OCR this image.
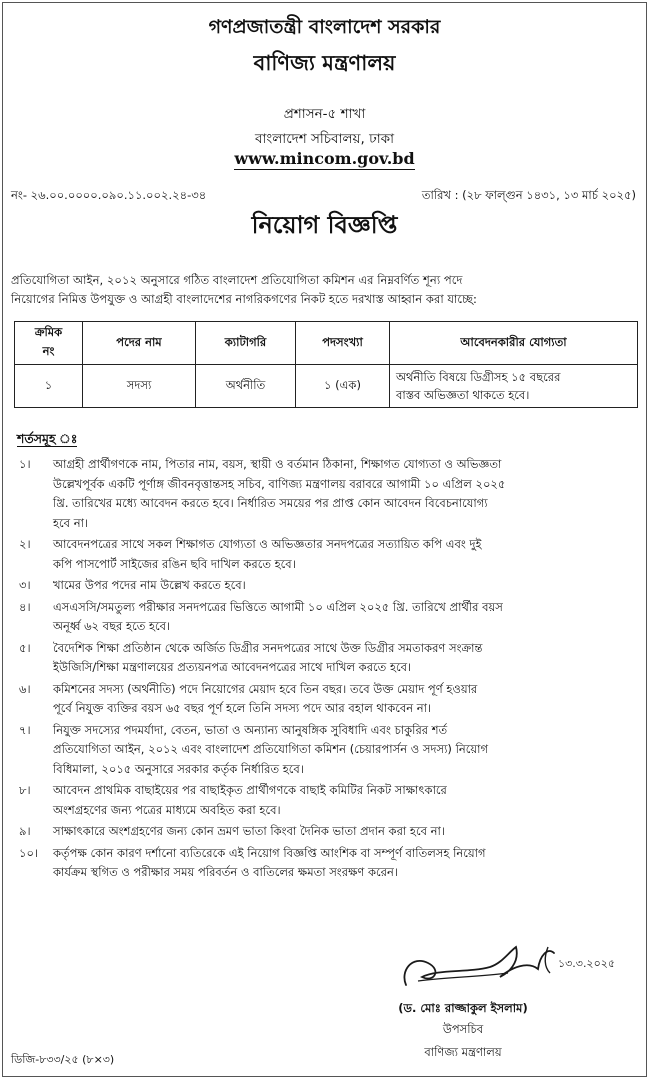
গণপ্রজাতন্ত্রী বাংলাদেশ সরকার
বাণিজ্য মন্ত্রণালয়
প্রশাসন-৫ শাখা
বাংলাদেশ সচিবালয়, ঢাকা
www.mincom.gov.bd
নং- ২৬.০০.০০০০.০৯০.১১.০০২.২৪-৩৪	তারিখ : (২৮ ফাল্গুন ১৪৩১, ১৩ মার্চ ২০২৫)
নিয়োগ বিজ্ঞপ্তি
প্রতিযোগিতা আইন, ২০১২ অনুসারে গঠিত বাংলাদেশ প্রতিযোগিতা কমিশন এর নিম্নবর্ণিত শূন্য পদে
নিয়োগের নিমিত্ত উপযুক্ত ও আগ্রহী বাংলাদেশের নাগরিকগণের নিকট হতে দরখাস্ত আহ্বান করা যাচ্ছে:
ক্রমিক
নং	পদের নাম	ক্যাটাগরি	পদসংখ্যা	আবেদনকারীর যোগ্যতা
১	সদস্য	অর্থনীতি	১ (এক)	অর্থনীতি বিষয়ে ডিগ্রীসহ ১৫ বছরের
বাস্তব অভিজ্ঞতা থাকতে হবে।
শর্তসমূহ ঃ
১। আগ্রহী প্রার্থীগণকে নাম, পিতার নাম, বয়স, স্থায়ী ও বর্তমান ঠিকানা, শিক্ষাগত যোগ্যতা ও অভিজ্ঞতা
উল্লেখপূর্বক একটি পূর্ণাঙ্গ জীবনবৃত্তান্তসহ সচিব, বাণিজ্য মন্ত্রণালয় বরাবরে আগামী ১০ এপ্রিল ২০২৫
খ্রি. তারিখের মধ্যে আবেদন করতে হবে। নির্ধারিত সময়ের পর প্রাপ্ত কোন আবেদন বিবেচনাযোগ্য
হবে না।
২। আবেদনপত্রের সাথে সকল শিক্ষাগত যোগ্যতা ও অভিজ্ঞতার সনদপত্রের সত্যায়িত কপি এবং দুই
কপি পাসপোর্ট সাইজের রঙিন ছবি দাখিল করতে হবে।
৩। খামের উপর পদের নাম উল্লেখ করতে হবে।
৪। এসএসসি/সমতুল্য পরীক্ষার সনদপত্রের ভিত্তিতে আগামী ১০ এপ্রিল ২০২৫ খ্রি. তারিখে প্রার্থীর বয়স
অনূর্ধ্ব ৬২ বছর হতে হবে।
৫। বৈদেশিক শিক্ষা প্রতিষ্ঠান থেকে অর্জিত ডিগ্রীর সনদপত্রের সাথে উক্ত ডিগ্রীর সমতাকরণ সংক্রান্ত
ইউজিসি/শিক্ষা মন্ত্রণালয়ের প্রত্যয়নপত্র আবেদনপত্রের সাথে দাখিল করতে হবে।
৬। কমিশনের সদস্য (অর্থনীতি) পদে নিয়োগের মেয়াদ হবে তিন বছর। তবে উক্ত মেয়াদ পূর্ণ হওয়ার
পূর্বে নিযুক্ত ব্যক্তির বয়স ৬৫ বছর পূর্ণ হলে তিনি সদস্য পদে আর বহাল থাকবেন না।
৭। নিযুক্ত সদস্যের পদমর্যাদা, বেতন, ভাতা ও অন্যান্য আনুষঙ্গিক সুবিধাদি এবং চাকুরির শর্ত
প্রতিযোগিতা আইন, ২০১২ এবং বাংলাদেশ প্রতিযোগিতা কমিশন (চেয়ারপার্সন ও সদস্য) নিয়োগ
বিধিমালা, ২০১৫ অনুসারে সরকার কর্তৃক নির্ধারিত হবে।
৮। আবেদন প্রাথমিক বাছাইয়ের পর বাছাইকৃত প্রার্থীগণকে বাছাই কমিটির নিকট সাক্ষাৎকারে
অংশগ্রহণের জন্য পত্রের মাধ্যমে অবহিত করা হবে।
৯। সাক্ষাৎকারে অংশগ্রহণের জন্য কোন ভ্রমণ ভাতা কিংবা দৈনিক ভাতা প্রদান করা হবে না।
১০। কর্তৃপক্ষ কোন কারণ দর্শানো ব্যতিরেকে এই নিয়োগ বিজ্ঞপ্তি আংশিক বা সম্পূর্ণ বাতিলসহ নিয়োগ
কার্যক্রম স্থগিত ও পরীক্ষার সময় পরিবর্তন ও বাতিলের ক্ষমতা সংরক্ষণ করেন।
১৩.৩.২০২৫
(ড. মোঃ রাজ্জাকুল ইসলাম)
উপসচিব
বাণিজ্য মন্ত্রণালয়
ডিজি-৮৩৩/২৫ (৮×৩)
